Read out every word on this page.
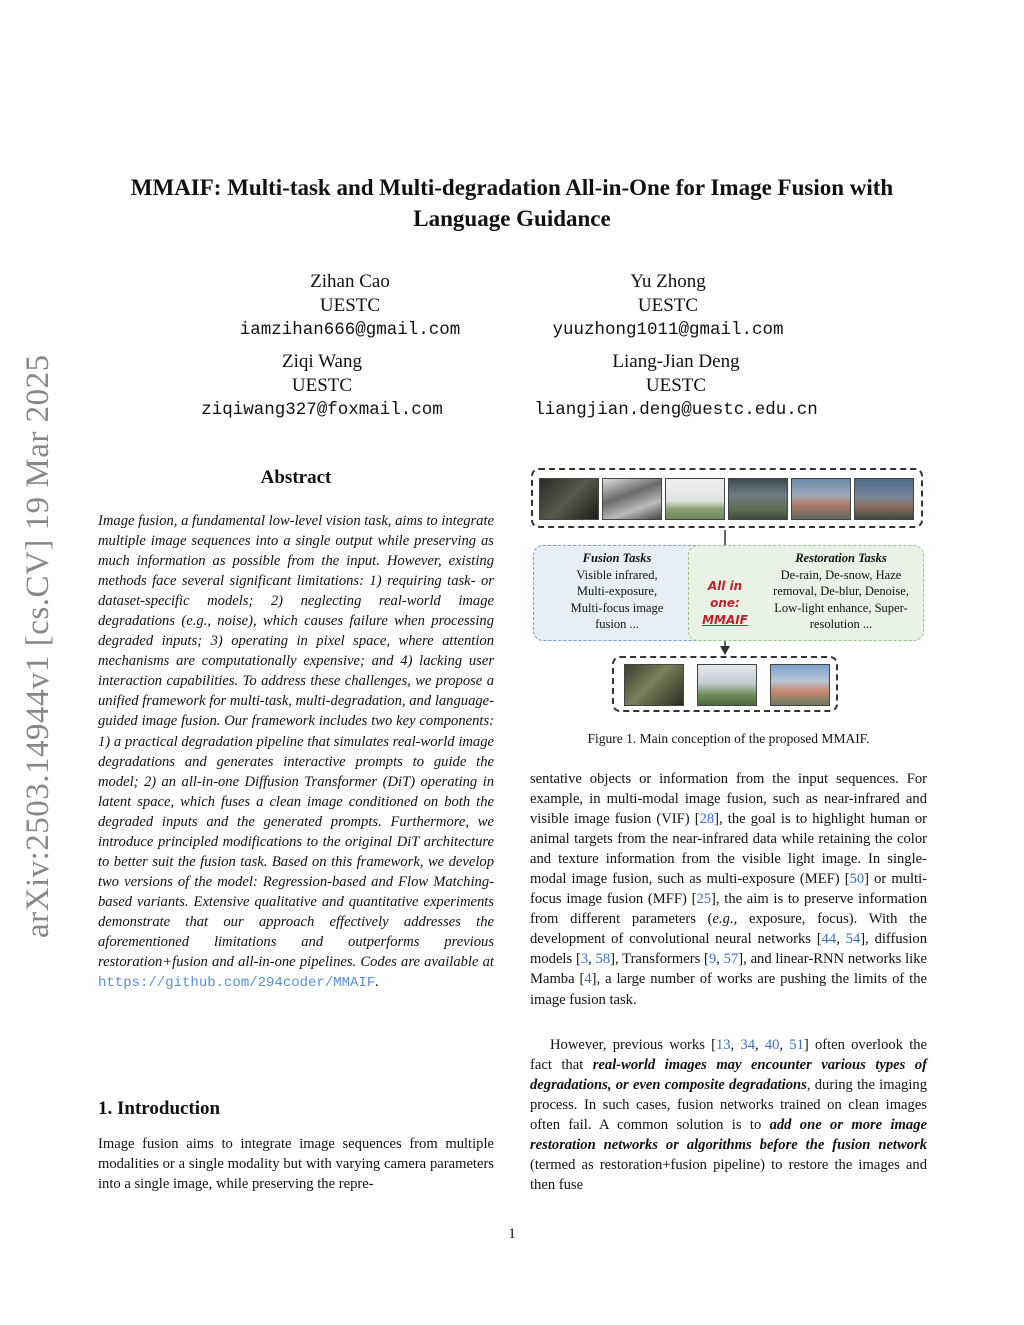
arXiv:2503.14944v1 [cs.CV] 19 Mar 2025
MMAIF: Multi-task and Multi-degradation All-in-One for Image Fusion with
Language Guidance
Zihan Cao
UESTC
iamzihan666@gmail.com
Yu Zhong
UESTC
yuuzhong1011@gmail.com
Ziqi Wang
UESTC
ziqiwang327@foxmail.com
Liang-Jian Deng
UESTC
liangjian.deng@uestc.edu.cn
Abstract
Image fusion, a fundamental low-level vision task, aims to integrate multiple image sequences into a single output while preserving as much information as possible from the input. However, existing methods face several significant limitations: 1) requiring task- or dataset-specific models; 2) neglecting real-world image degradations (e.g., noise), which causes failure when processing degraded inputs; 3) operating in pixel space, where attention mechanisms are computationally expensive; and 4) lacking user interaction capabilities. To address these challenges, we propose a unified framework for multi-task, multi-degradation, and language-guided image fusion. Our framework includes two key components: 1) a practical degradation pipeline that simulates real-world image degradations and generates interactive prompts to guide the model; 2) an all-in-one Diffusion Transformer (DiT) operating in latent space, which fuses a clean image conditioned on both the degraded inputs and the generated prompts. Furthermore, we introduce principled modifications to the original DiT architecture to better suit the fusion task. Based on this framework, we develop two versions of the model: Regression-based and Flow Matching-based variants. Extensive qualitative and quantitative experiments demonstrate that our approach effectively addresses the aforementioned limitations and outperforms previous restoration+fusion and all-in-one pipelines. Codes are available at https://github.com/294coder/MMAIF.
1. Introduction
Image fusion aims to integrate image sequences from multiple modalities or a single modality but with varying camera parameters into a single image, while preserving the repre-
Fusion Tasks
Visible infrared,
Multi-exposure,
Multi-focus image
fusion ...
Restoration Tasks
De-rain, De-snow, Haze
removal, De-blur, Denoise,
Low-light enhance, Super-
resolution ...
All in one:
MMAIF
Figure 1. Main conception of the proposed MMAIF.
sentative objects or information from the input sequences. For example, in multi-modal image fusion, such as near-infrared and visible image fusion (VIF) [28], the goal is to highlight human or animal targets from the near-infrared data while retaining the color and texture information from the visible light image. In single-modal image fusion, such as multi-exposure (MEF) [50] or multi-focus image fusion (MFF) [25], the aim is to preserve information from different parameters (e.g., exposure, focus). With the development of convolutional neural networks [44, 54], diffusion models [3, 58], Transformers [9, 57], and linear-RNN networks like Mamba [4], a large number of works are pushing the limits of the image fusion task.
However, previous works [13, 34, 40, 51] often overlook the fact that real-world images may encounter various types of degradations, or even composite degradations, during the imaging process. In such cases, fusion networks trained on clean images often fail. A common solution is to add one or more image restoration networks or algorithms before the fusion network (termed as restoration+fusion pipeline) to restore the images and then fuse
1
